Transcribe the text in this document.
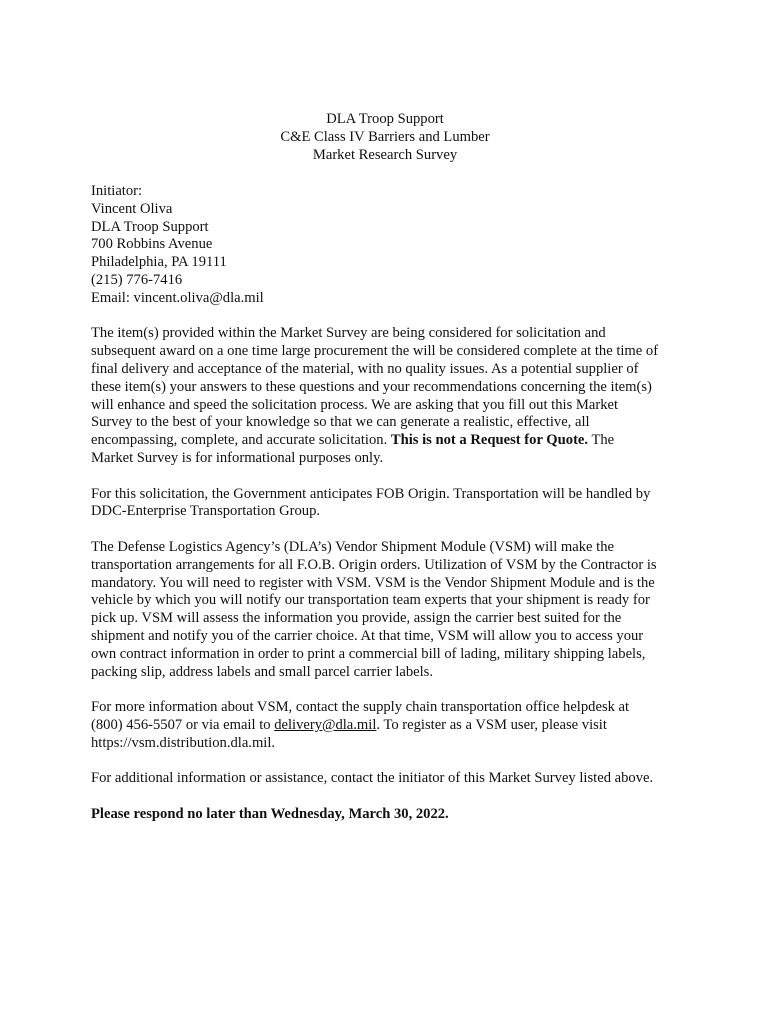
DLA Troop Support
C&E Class IV Barriers and Lumber
Market Research Survey
Initiator:
Vincent Oliva
DLA Troop Support
700 Robbins Avenue
Philadelphia, PA 19111
(215) 776-7416
Email: vincent.oliva@dla.mil
The item(s) provided within the Market Survey are being considered for solicitation and
subsequent award on a one time large procurement the will be considered complete at the time of
final delivery and acceptance of the material, with no quality issues. As a potential supplier of
these item(s) your answers to these questions and your recommendations concerning the item(s)
will enhance and speed the solicitation process. We are asking that you fill out this Market
Survey to the best of your knowledge so that we can generate a realistic, effective, all
encompassing, complete, and accurate solicitation. This is not a Request for Quote. The
Market Survey is for informational purposes only.
For this solicitation, the Government anticipates FOB Origin. Transportation will be handled by
DDC-Enterprise Transportation Group.
The Defense Logistics Agency’s (DLA’s) Vendor Shipment Module (VSM) will make the
transportation arrangements for all F.O.B. Origin orders. Utilization of VSM by the Contractor is
mandatory. You will need to register with VSM. VSM is the Vendor Shipment Module and is the
vehicle by which you will notify our transportation team experts that your shipment is ready for
pick up. VSM will assess the information you provide, assign the carrier best suited for the
shipment and notify you of the carrier choice. At that time, VSM will allow you to access your
own contract information in order to print a commercial bill of lading, military shipping labels,
packing slip, address labels and small parcel carrier labels.
For more information about VSM, contact the supply chain transportation office helpdesk at
(800) 456-5507 or via email to delivery@dla.mil. To register as a VSM user, please visit
https://vsm.distribution.dla.mil.
For additional information or assistance, contact the initiator of this Market Survey listed above.
Please respond no later than Wednesday, March 30, 2022.
